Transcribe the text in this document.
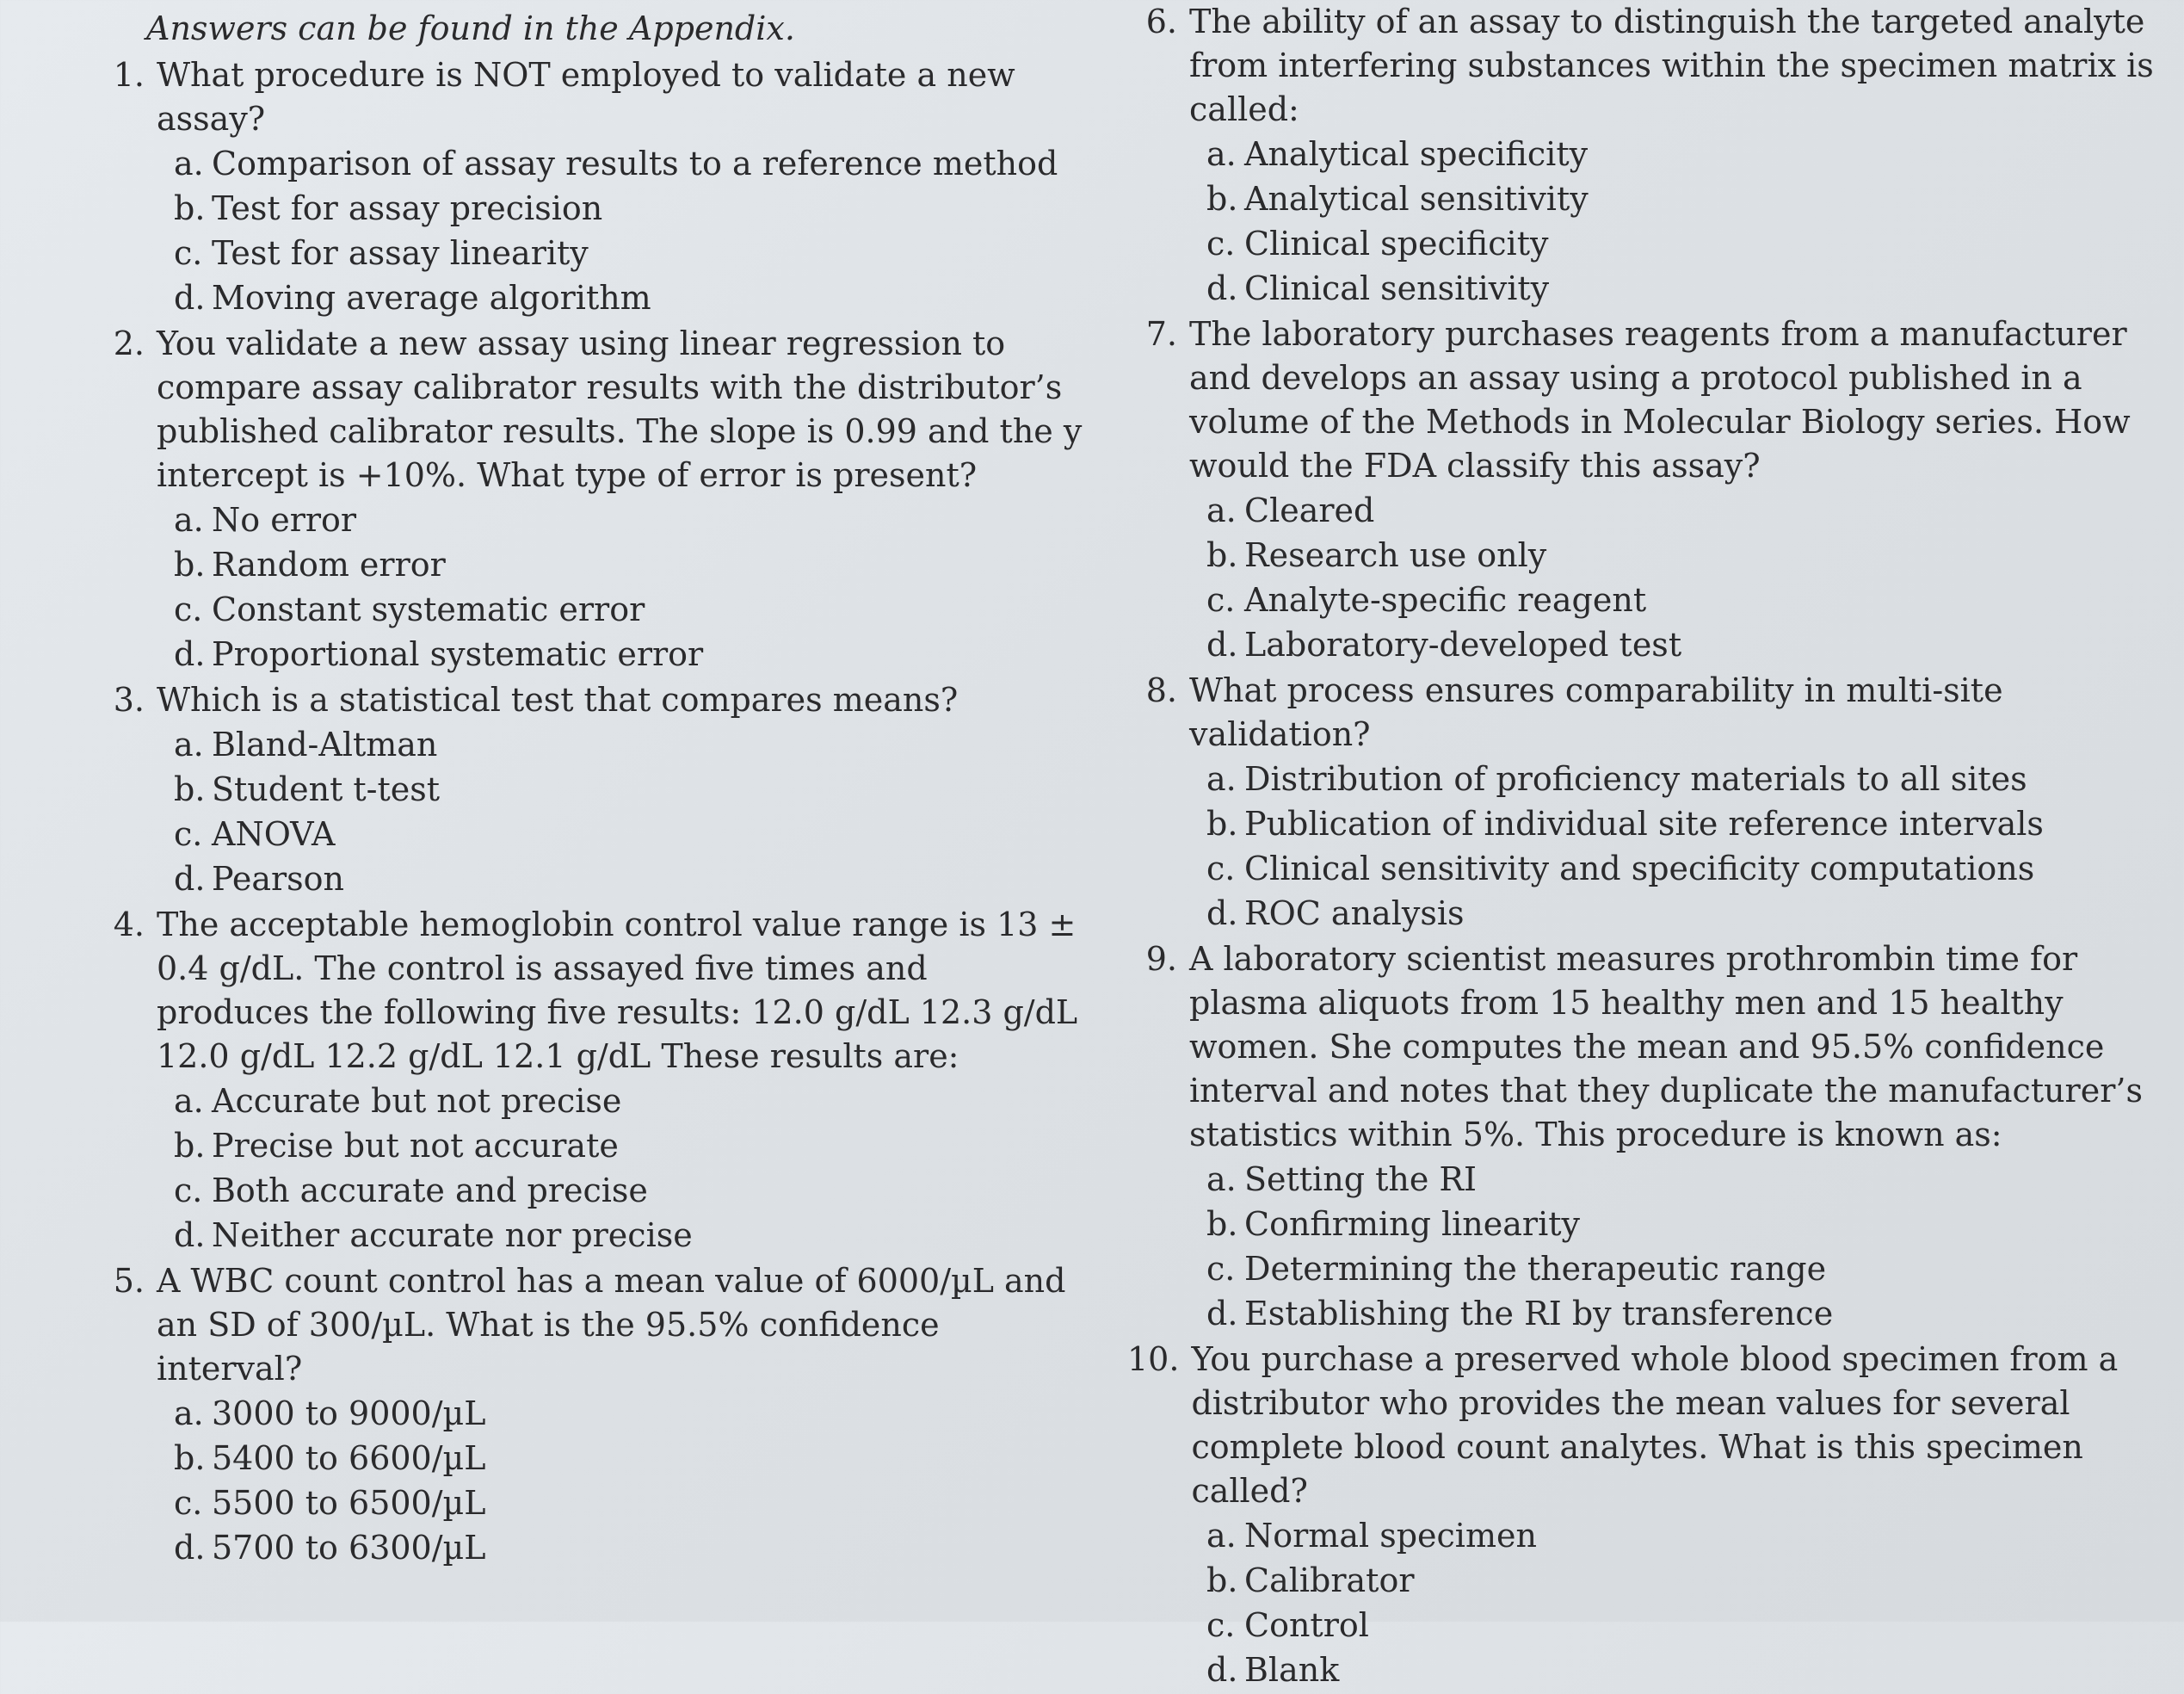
Answers can be found in the Appendix.
1. What procedure is NOT employed to validate a new assay?
a. Comparison of assay results to a reference method
b. Test for assay precision
c. Test for assay linearity
d. Moving average algorithm
2. You validate a new assay using linear regression to compare assay calibrator results with the distributor’s published calibrator results. The slope is 0.99 and the y intercept is +10%. What type of error is present?
a. No error
b. Random error
c. Constant systematic error
d. Proportional systematic error
3. Which is a statistical test that compares means?
a. Bland-Altman
b. Student t-test
c. ANOVA
d. Pearson
4. The acceptable hemoglobin control value range is 13 ± 0.4 g/dL. The control is assayed five times and produces the following five results: 12.0 g/dL 12.3 g/dL 12.0 g/dL 12.2 g/dL 12.1 g/dL These results are:
a. Accurate but not precise
b. Precise but not accurate
c. Both accurate and precise
d. Neither accurate nor precise
5. A WBC count control has a mean value of 6000/µL and an SD of 300/µL. What is the 95.5% confidence interval?
a. 3000 to 9000/µL
b. 5400 to 6600/µL
c. 5500 to 6500/µL
d. 5700 to 6300/µL
6. The ability of an assay to distinguish the targeted analyte from interfering substances within the specimen matrix is called:
a. Analytical specificity
b. Analytical sensitivity
c. Clinical specificity
d. Clinical sensitivity
7. The laboratory purchases reagents from a manufacturer and develops an assay using a protocol published in a volume of the Methods in Molecular Biology series. How would the FDA classify this assay?
a. Cleared
b. Research use only
c. Analyte-specific reagent
d. Laboratory-developed test
8. What process ensures comparability in multi-site validation?
a. Distribution of proficiency materials to all sites
b. Publication of individual site reference intervals
c. Clinical sensitivity and specificity computations
d. ROC analysis
9. A laboratory scientist measures prothrombin time for plasma aliquots from 15 healthy men and 15 healthy women. She computes the mean and 95.5% confidence interval and notes that they duplicate the manufacturer’s statistics within 5%. This procedure is known as:
a. Setting the RI
b. Confirming linearity
c. Determining the therapeutic range
d. Establishing the RI by transference
10. You purchase a preserved whole blood specimen from a distributor who provides the mean values for several complete blood count analytes. What is this specimen called?
a. Normal specimen
b. Calibrator
c. Control
d. Blank
